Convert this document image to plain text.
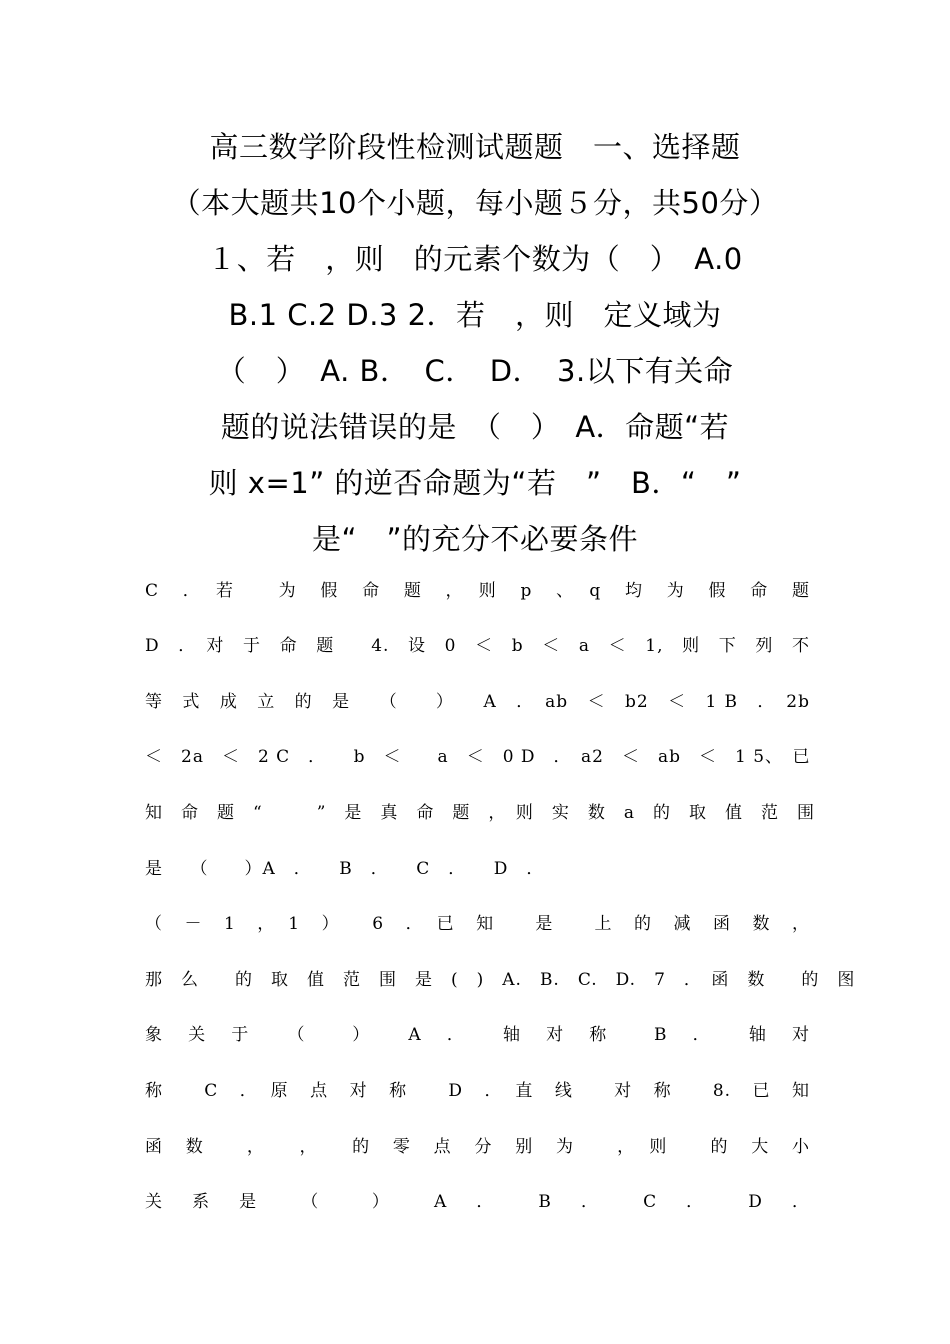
高三数学阶段性检测试题题　一、选择题
（本大题共10个小题，每小题５分，共50分）
１、若　，则　的元素个数为（　）　A.0
B.1 C.2 D.3 2．若　，则　定义域为
（　）　A. B．　C．　D．　3.以下有关命
题的说法错误的是　（　）　A．命题“若
则 x=1” 的逆否命题为“若　”　B．“　”
是“　”的充分不必要条件
C　．　若　　为　假　命　题　，　则　p　、　q　均　为　假　命　题
D　．　对　于　命　题　　4.　设　0　＜　b　＜　a　＜　1,　则　下　列　不
等　式　成　立　的　是　　（　　）　　A　．　ab　＜　b2　＜　1 B　．　2b
＜　2a　＜　2 C　．　　b　＜　　a　＜　0 D　．　a2　＜　ab　＜　1 5、　已
知　命　题　“　　　”　是　真　命　题　，　则　实　数　a　的　取　值　范　围
是　　（　　）A　．　　B　．　　C　．　　D　．
（　－　1　，　1　）　　6　．　已　知　　是　　上　的　减　函　数　，
那　么　　的　取　值　范　围　是　(　)　A.　B.　C.　D.　7　．　函　数　　的　图
象　关　于　　（　　）　　A　．　　轴　对　称　　B　．　　轴　对
称　　C　．　原　点　对　称　　D　．　直　线　　对　称　　8.　已　知
函　数　　，　　，　　的　零　点　分　别　为　　，　则　　的　大　小
关　系　是　　（　　）　　A　．　　B　．　　C　．　　D　．
